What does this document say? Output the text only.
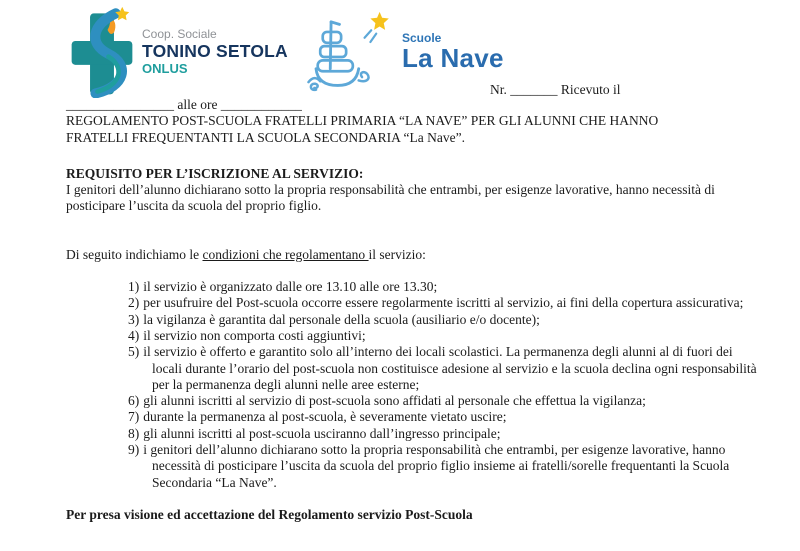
Coop. Sociale
TONINO SETOLA
ONLUS
Scuole
La Nave
Nr. _______ Ricevuto il
________________ alle ore ____________
REGOLAMENTO POST-SCUOLA FRATELLI PRIMARIA “LA NAVE” PER GLI ALUNNI CHE HANNO
FRATELLI FREQUENTANTI LA SCUOLA SECONDARIA “La Nave”.
REQUISITO PER L’ISCRIZIONE AL SERVIZIO:
I genitori dell’alunno dichiarano sotto la propria responsabilità che entrambi, per esigenze lavorative, hanno necessità di posticipare l’uscita da scuola del proprio figlio.
Di seguito indichiamo le condizioni che regolamentano il servizio:
1) il servizio è organizzato dalle ore 13.10 alle ore 13.30;
2) per usufruire del Post-scuola occorre essere regolarmente iscritti al servizio, ai fini della copertura assicurativa;
3) la vigilanza è garantita dal personale della scuola (ausiliario e/o docente);
4) il servizio non comporta costi aggiuntivi;
5) il servizio è offerto e garantito solo all’interno dei locali scolastici. La permanenza degli alunni al di fuori dei locali durante l’orario del post-scuola non costituisce adesione al servizio e la scuola declina ogni responsabilità per la permanenza degli alunni nelle aree esterne;
6) gli alunni iscritti al servizio di post-scuola sono affidati al personale che effettua la vigilanza;
7) durante la permanenza al post-scuola, è severamente vietato uscire;
8) gli alunni iscritti al post-scuola usciranno dall’ingresso principale;
9) i genitori dell’alunno dichiarano sotto la propria responsabilità che entrambi, per esigenze lavorative, hanno necessità di posticipare l’uscita da scuola del proprio figlio insieme ai fratelli/sorelle frequentanti la Scuola Secondaria “La Nave”.
Per presa visione ed accettazione del Regolamento servizio Post-Scuola
